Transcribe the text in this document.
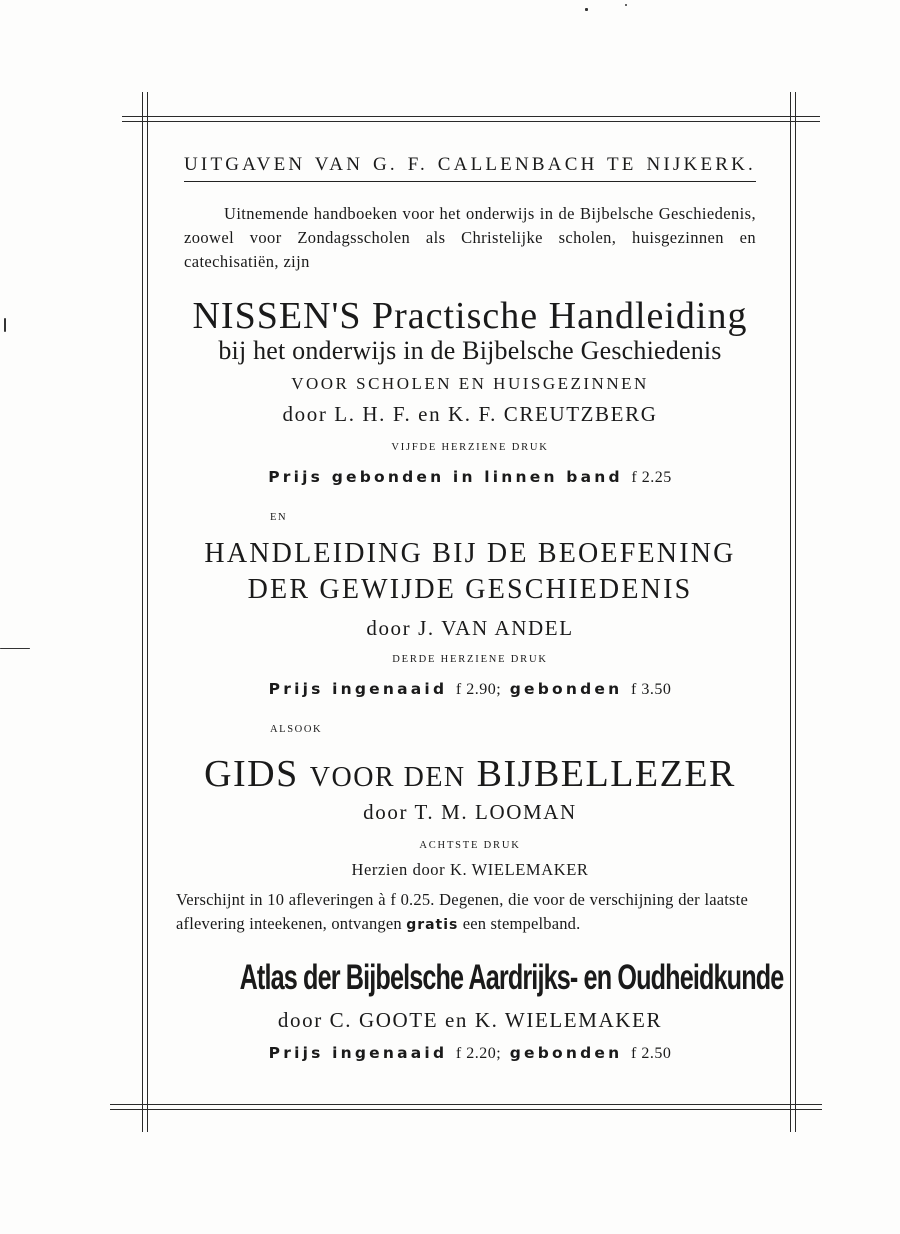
UITGAVEN VAN G. F. CALLENBACH TE NIJKERK.

Uitnemende handboeken voor het onderwijs in de Bijbelsche Geschiedenis, zoowel voor Zondagsscholen als Christelijke scholen, huisgezinnen en catechisatiën, zijn

NISSEN'S Practische Handleiding
bij het onderwijs in de Bijbelsche Geschiedenis
VOOR SCHOLEN EN HUISGEZINNEN
door L. H. F. en K. F. CREUTZBERG
VIJFDE HERZIENE DRUK
Prijs gebonden in linnen band f 2.25
EN
HANDLEIDING BIJ DE BEOEFENING
DER GEWIJDE GESCHIEDENIS
door J. VAN ANDEL
DERDE HERZIENE DRUK
Prijs ingenaaid f 2.90; gebonden f 3.50
ALSOOK
GIDS VOOR DEN BIJBELLEZER
door T. M. LOOMAN
ACHTSTE DRUK
Herzien door K. WIELEMAKER
Verschijnt in 10 afleveringen à f 0.25. Degenen, die voor de verschijning der laatste aflevering inteekenen, ontvangen gratis een stempelband.
Atlas der Bijbelsche Aardrijks- en Oudheidkunde
door C. GOOTE en K. WIELEMAKER
Prijs ingenaaid f 2.20; gebonden f 2.50
